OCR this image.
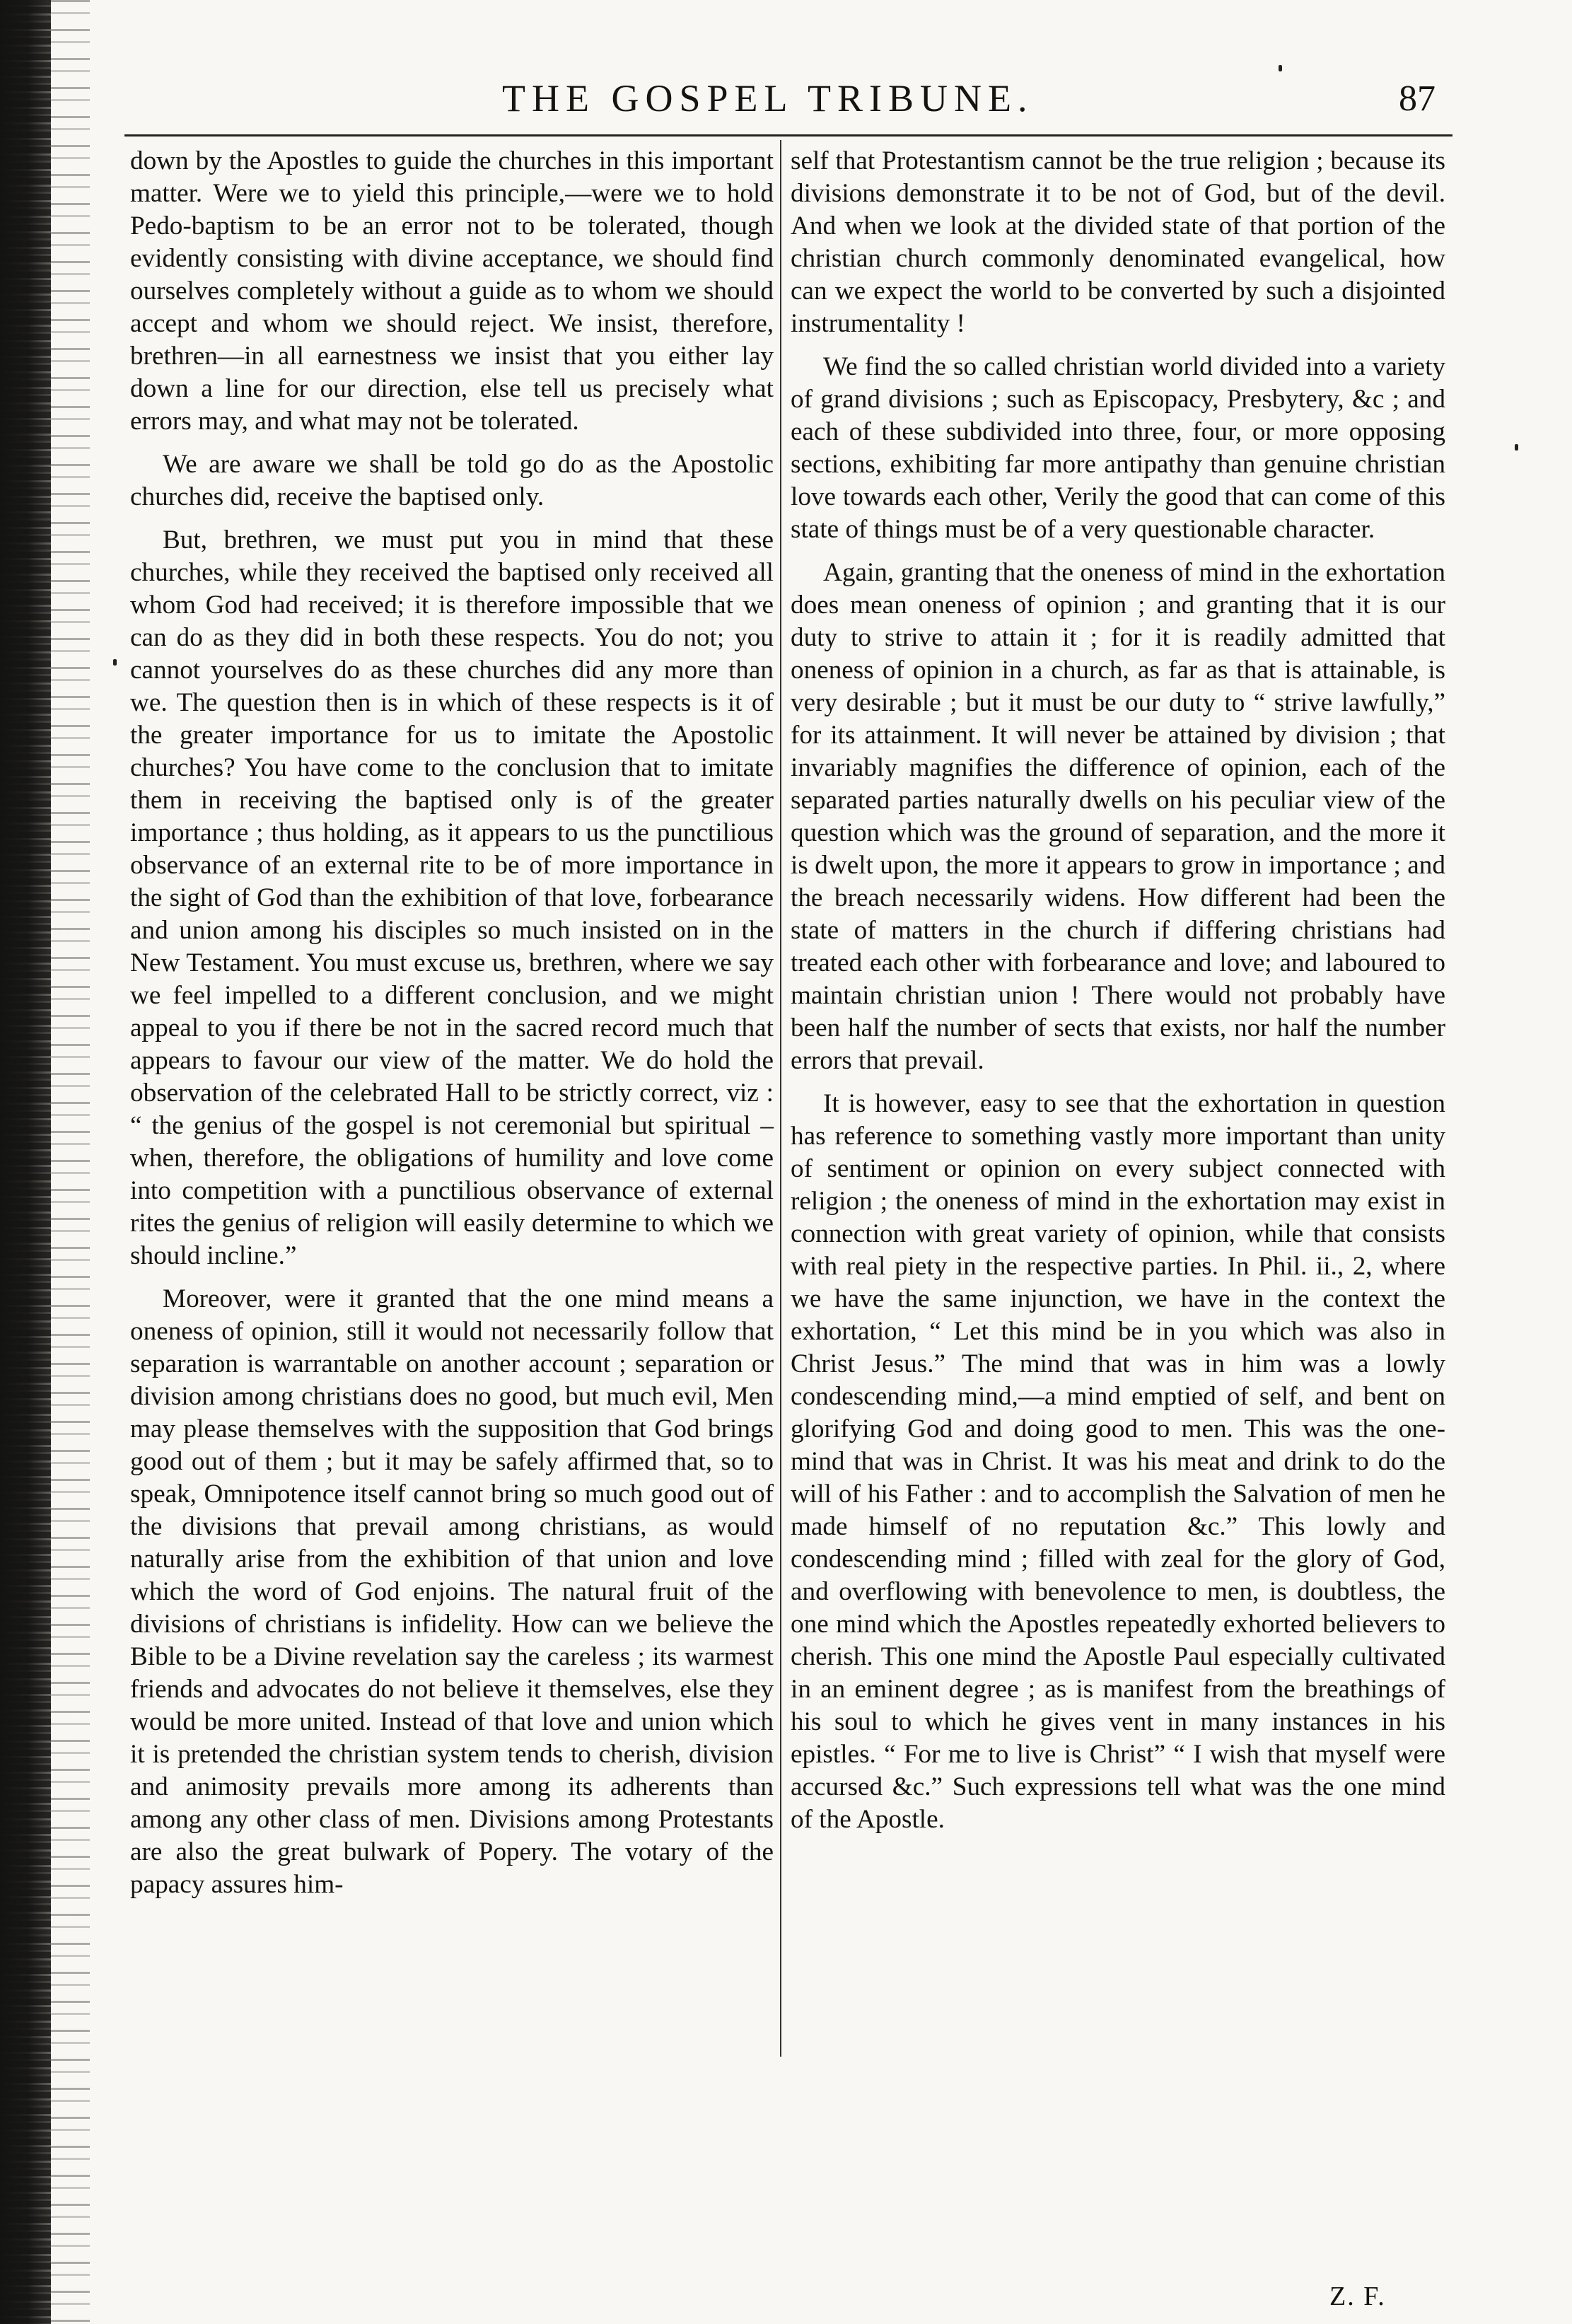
THE GOSPEL TRIBUNE.	87

down by the Apostles to guide the churches in this important matter. Were we to yield this principle,—were we to hold Pedo-baptism to be an error not to be tolerated, though evidently consisting with divine acceptance, we should find ourselves completely without a guide as to whom we should accept and whom we should reject. We insist, therefore, brethren—in all earnestness we insist that you either lay down a line for our direction, else tell us precisely what errors may, and what may not be tolerated.

We are aware we shall be told go do as the Apostolic churches did, receive the baptised only.

But, brethren, we must put you in mind that these churches, while they received the baptised only received all whom God had received; it is therefore impossible that we can do as they did in both these respects. You do not; you cannot yourselves do as these churches did any more than we. The question then is in which of these respects is it of the greater importance for us to imitate the Apostolic churches? You have come to the conclusion that to imitate them in receiving the baptised only is of the greater importance ; thus holding, as it appears to us the punctilious observance of an external rite to be of more importance in the sight of God than the exhibition of that love, forbearance and union among his disciples so much insisted on in the New Testament. You must excuse us, brethren, where we say we feel impelled to a different conclusion, and we might appeal to you if there be not in the sacred record much that appears to favour our view of the matter. We do hold the observation of the celebrated Hall to be strictly correct, viz : “ the genius of the gospel is not ceremonial but spiritual – when, therefore, the obligations of humility and love come into competition with a punctilious observance of external rites the genius of religion will easily determine to which we should incline.”

Moreover, were it granted that the one mind means a oneness of opinion, still it would not necessarily follow that separation is warrantable on another account ; separation or division among christians does no good, but much evil, Men may please themselves with the supposition that God brings good out of them ; but it may be safely affirmed that, so to speak, Omnipotence itself cannot bring so much good out of the divisions that prevail among christians, as would naturally arise from the exhibition of that union and love which the word of God enjoins. The natural fruit of the divisions of christians is infidelity. How can we believe the Bible to be a Divine revelation say the careless ; its warmest friends and advocates do not believe it themselves, else they would be more united. Instead of that love and union which it is pretended the christian system tends to cherish, division and animosity prevails more among its adherents than among any other class of men. Divisions among Protestants are also the great bulwark of Popery. The votary of the papacy assures him-

self that Protestantism cannot be the true religion ; because its divisions demonstrate it to be not of God, but of the devil. And when we look at the divided state of that portion of the christian church commonly denominated evangelical, how can we expect the world to be converted by such a disjointed instrumentality !

We find the so called christian world divided into a variety of grand divisions ; such as Episcopacy, Presbytery, &c ; and each of these subdivided into three, four, or more opposing sections, exhibiting far more antipathy than genuine christian love towards each other, Verily the good that can come of this state of things must be of a very questionable character.

Again, granting that the oneness of mind in the exhortation does mean oneness of opinion ; and granting that it is our duty to strive to attain it ; for it is readily admitted that oneness of opinion in a church, as far as that is attainable, is very desirable ; but it must be our duty to “ strive lawfully,” for its attainment. It will never be attained by division ; that invariably magnifies the difference of opinion, each of the separated parties naturally dwells on his peculiar view of the question which was the ground of separation, and the more it is dwelt upon, the more it appears to grow in importance ; and the breach necessarily widens. How different had been the state of matters in the church if differing christians had treated each other with forbearance and love; and laboured to maintain christian union ! There would not probably have been half the number of sects that exists, nor half the number errors that prevail.

It is however, easy to see that the exhortation in question has reference to something vastly more important than unity of sentiment or opinion on every subject connected with religion ; the oneness of mind in the exhortation may exist in connection with great variety of opinion, while that consists with real piety in the respective parties. In Phil. ii., 2, where we have the same injunction, we have in the context the exhortation, “ Let this mind be in you which was also in Christ Jesus.” The mind that was in him was a lowly condescending mind,—a mind emptied of self, and bent on glorifying God and doing good to men. This was the one-mind that was in Christ. It was his meat and drink to do the will of his Father : and to accomplish the Salvation of men he made himself of no reputation &c.” This lowly and condescending mind ; filled with zeal for the glory of God, and overflowing with benevolence to men, is doubtless, the one mind which the Apostles repeatedly exhorted believers to cherish. This one mind the Apostle Paul especially cultivated in an eminent degree ; as is manifest from the breathings of his soul to which he gives vent in many instances in his epistles. “ For me to live is Christ” “ I wish that myself were accursed &c.” Such expressions tell what was the one mind of the Apostle.

Z. F.
